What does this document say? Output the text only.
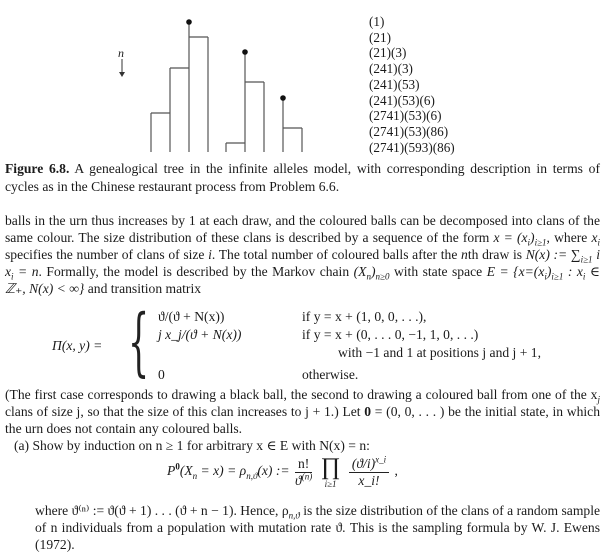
n
(1)
(21)
(21)(3)
(241)(3)
(241)(53)
(241)(53)(6)
(2741)(53)(6)
(2741)(53)(86)
(2741)(593)(86)
Figure 6.8. A genealogical tree in the infinite alleles model, with corresponding description in terms of cycles as in the Chinese restaurant process from Problem 6.6.

balls in the urn thus increases by 1 at each draw, and the coloured balls can be decomposed into clans of the same colour. The size distribution of these clans is described by a sequence of the form $x = (x_i)_{i\ge 1}$, where $x_i$ specifies the number of clans of size i. The total number of coloured balls after the nth draw is N(x) := $\sum_{i\ge 1}$ i $x_i = n$. Formally, the model is described by the Markov chain $(X_n)_{n\ge 0}$ with state space $E = \{x=(x_i)_{i\ge 1}$ : $x_i$ ∈ ℤ₊, N(x) < ∞} and transition matrix

Π(x, y) = { ϑ/(ϑ + N(x))	if y = x + (1, 0, 0, . . .),
j x_j/(ϑ + N(x))	if y = x + (0, . . . 0, −1, 1, 0, . . .)
with −1 and 1 at positions j and j + 1,
0	otherwise.

(The first case corresponds to drawing a black ball, the second to drawing a coloured ball from one of the $x_j$ clans of size j, so that the size of this clan increases to j + 1.) Let 0 = (0, 0, . . . ) be the initial state, in which the urn does not contain any coloured balls.

(a) Show by induction on n ≥ 1 for arbitrary x ∈ E with N(x) = n:

$P^0(X_n = x) = \rho_{n,ϑ}(x)$ := $\frac{n!}{ϑ^{(n)}}$
∏
i≥1
$\frac{(ϑ/i)^{x\_i}}{x\_i!}$ ,

where ϑ⁽ⁿ⁾ := ϑ(ϑ + 1) . . . (ϑ + n − 1). Hence, $\rho_{n,ϑ}$ is the size distribution of the clans of a random sample of n individuals from a population with mutation rate ϑ. This is the sampling formula by W. J. Ewens (1972).
